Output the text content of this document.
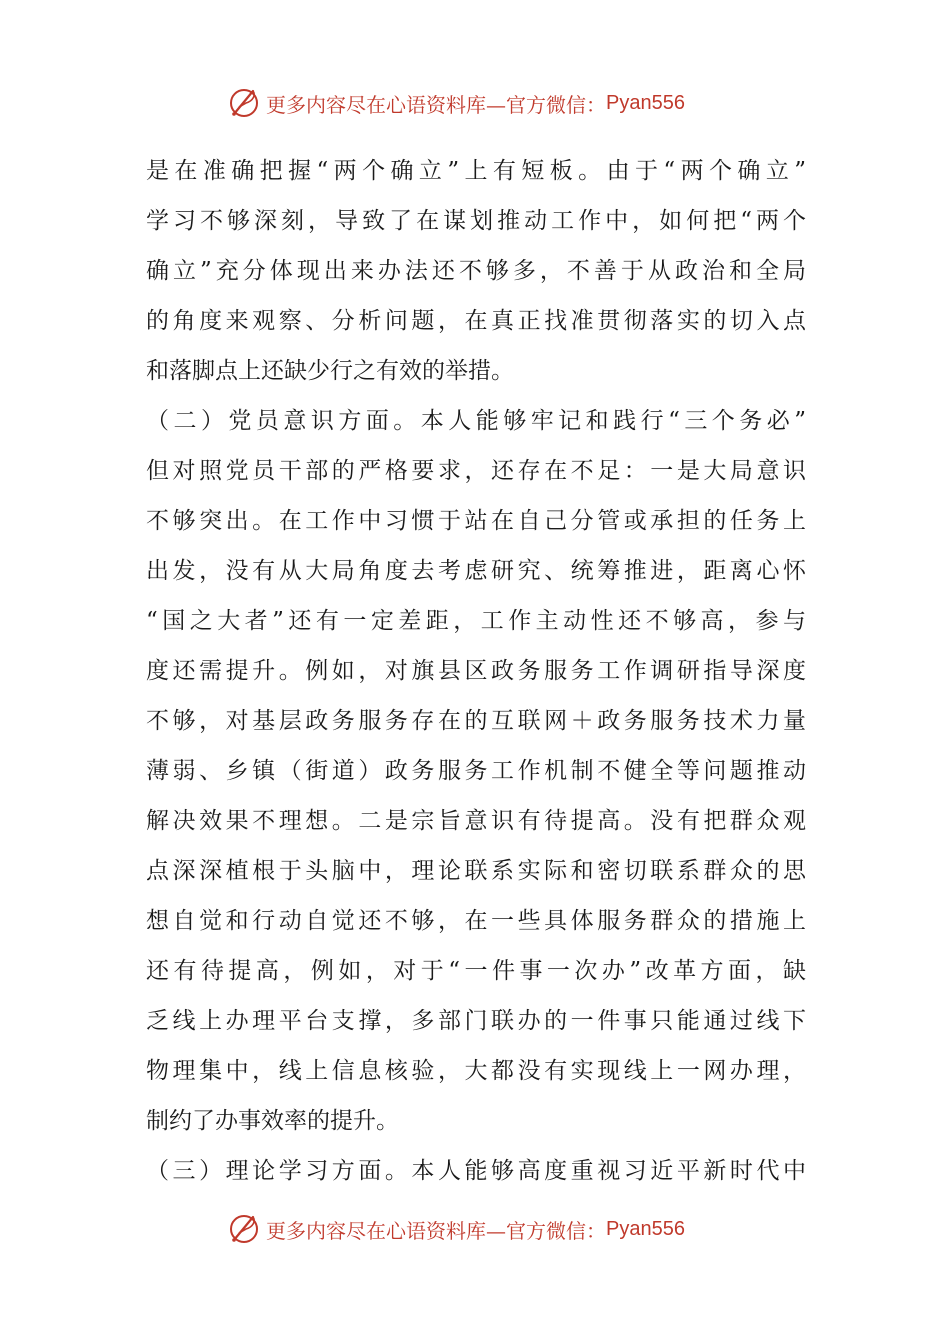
更多内容尽在心语资料库—官方微信： Pyan556
是在准确把握“两个确立”上有短板。由于“两个确立”
学习不够深刻，导致了在谋划推动工作中，如何把“两个
确立”充分体现出来办法还不够多，不善于从政治和全局
的角度来观察、分析问题，在真正找准贯彻落实的切入点
和落脚点上还缺少行之有效的举措。
（二）党员意识方面。本人能够牢记和践行“三个务必”
但对照党员干部的严格要求，还存在不足：一是大局意识
不够突出。在工作中习惯于站在自己分管或承担的任务上
出发，没有从大局角度去考虑研究、统筹推进，距离心怀
“国之大者”还有一定差距，工作主动性还不够高，参与
度还需提升。例如，对旗县区政务服务工作调研指导深度
不够，对基层政务服务存在的互联网＋政务服务技术力量
薄弱、乡镇（街道）政务服务工作机制不健全等问题推动
解决效果不理想。二是宗旨意识有待提高。没有把群众观
点深深植根于头脑中，理论联系实际和密切联系群众的思
想自觉和行动自觉还不够，在一些具体服务群众的措施上
还有待提高，例如，对于“一件事一次办”改革方面，缺
乏线上办理平台支撑，多部门联办的一件事只能通过线下
物理集中，线上信息核验，大都没有实现线上一网办理，
制约了办事效率的提升。
（三）理论学习方面。本人能够高度重视习近平新时代中
更多内容尽在心语资料库—官方微信： Pyan556
